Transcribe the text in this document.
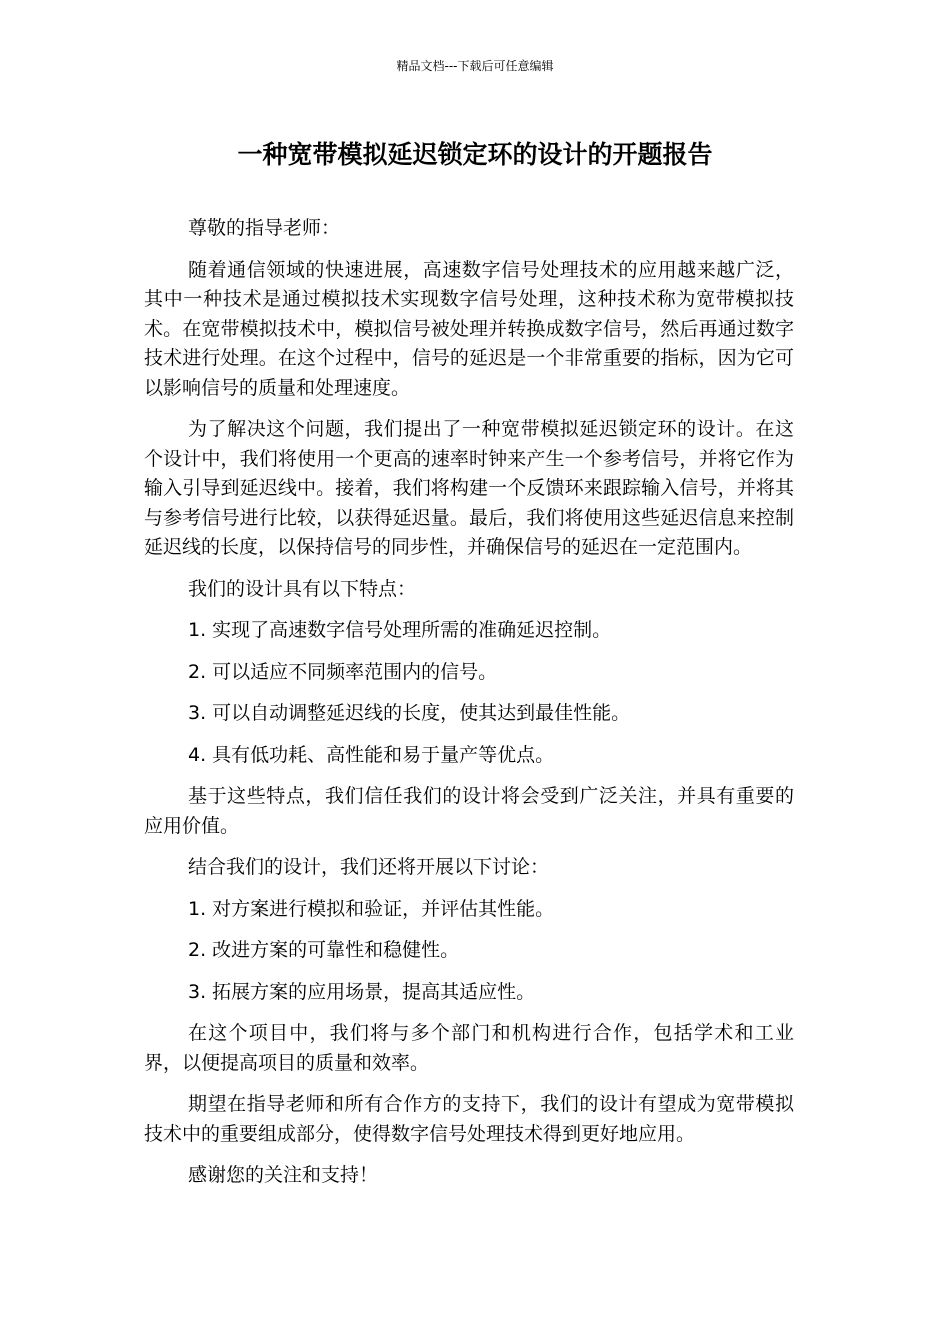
精品文档---下载后可任意编辑
一种宽带模拟延迟锁定环的设计的开题报告

尊敬的指导老师：

随着通信领域的快速进展，高速数字信号处理技术的应用越来越广泛，其中一种技术是通过模拟技术实现数字信号处理，这种技术称为宽带模拟技术。在宽带模拟技术中，模拟信号被处理并转换成数字信号，然后再通过数字技术进行处理。在这个过程中，信号的延迟是一个非常重要的指标，因为它可以影响信号的质量和处理速度。

为了解决这个问题，我们提出了一种宽带模拟延迟锁定环的设计。在这个设计中，我们将使用一个更高的速率时钟来产生一个参考信号，并将它作为输入引导到延迟线中。接着，我们将构建一个反馈环来跟踪输入信号，并将其与参考信号进行比较，以获得延迟量。最后，我们将使用这些延迟信息来控制延迟线的长度，以保持信号的同步性，并确保信号的延迟在一定范围内。

我们的设计具有以下特点：

1. 实现了高速数字信号处理所需的准确延迟控制。

2. 可以适应不同频率范围内的信号。

3. 可以自动调整延迟线的长度，使其达到最佳性能。

4. 具有低功耗、高性能和易于量产等优点。

基于这些特点，我们信任我们的设计将会受到广泛关注，并具有重要的应用价值。

结合我们的设计，我们还将开展以下讨论：

1. 对方案进行模拟和验证，并评估其性能。

2. 改进方案的可靠性和稳健性。

3. 拓展方案的应用场景，提高其适应性。

在这个项目中，我们将与多个部门和机构进行合作，包括学术和工业界，以便提高项目的质量和效率。

期望在指导老师和所有合作方的支持下，我们的设计有望成为宽带模拟技术中的重要组成部分，使得数字信号处理技术得到更好地应用。

感谢您的关注和支持！
